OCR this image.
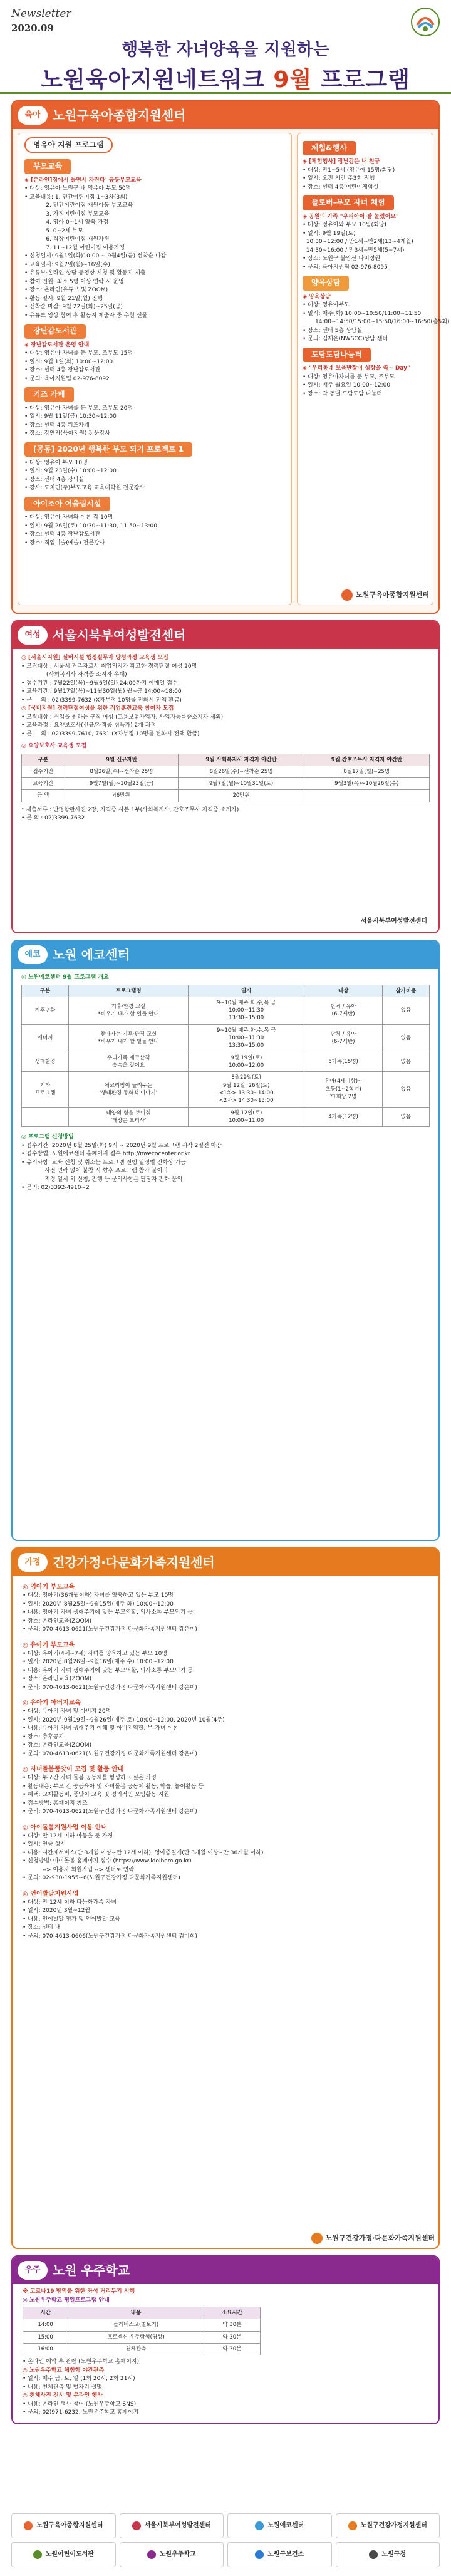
Newsletter
2020.09
행복한 자녀양육을 지원하는
노원육아지원네트워크 9월 프로그램
육아 노원구육아종합지원센터
영유아 지원 프로그램
부모교육
◈ [온라인]집에서 놀면서 자란다' 공동부모교육
• 대상: 영유아 노원구 내 영유아 부모 50명
• 교육내용: 1. 민간어린이집 1~3차(3회)
2. 민간어린이집 재원아동 부모교육
3. 가정어린이집 부모교육
4. 영아 0~1세 양육 가정
5. 0~2세 부모
6. 직장어린이집 재원가정
7. 11~12월 어린이집 이용가정
• 신청일시: 9월1일(화)10:00 ~ 9월4일(금) 선착순 마감
• 교육일시: 9월7일(월)~16일(수)
• 유튜브·온라인 상담 동영상 시청 및 활동지 제출
• 참여 인원: 최소 5명 이상 연락 시 운영
• 장소: 온라인(유튜브 및 ZOOM)
• 활동 일시: 9월 21일(월) 진행
• 선착순 마감: 9월 22일(화)~25일(금)
• 유튜브 영상 참여 후 활동지 제출자 중 추첨 선물
장난감도서관
◈ 장난감도서관 운영 안내
• 대상: 영유아 자녀를 둔 부모, 조부모 15명
• 일시: 9월 1일(화) 10:00~12:00
• 장소: 센터 4층 장난감도서관
• 문의: 육아지원팀 02-976-8092
키즈 카페
• 대상: 영유아 자녀를 둔 부모, 조부모 20명
• 일시: 9월 11일(금) 10:30~12:00
• 장소: 센터 4층 키즈카페
• 장소: 강연자(육아지원) 전문강사
[공동] 2020년 행복한 부모 되기 프로젝트 1
• 대상: 영유아 부모 10명
• 일시: 9월 23일(수) 10:00~12:00
• 장소: 센터 4층 강의실
• 강사: 도치민(주)부모교육 교육대학원 전문강사
아이조아 어울림시설
• 대상: 영유아 자녀와 어른 각 10명
• 일시: 9월 26일(토) 10:30~11:30, 11:50~13:00
• 장소: 센터 4층 장난감도서관
• 장소: 직업미술(예술) 전문강사
체험&행사
◈ [체험행사] 장난감은 내 친구
• 대상: 만1~5세 (영유아 15명/회당)
• 일시: 오전 시간 주3회 진행
• 장소: 센터 4층 어린이체험실
플로버-부모 자녀 체험
◈ 공원의 가족 "우리아이 잘 놀렸어요"
• 대상: 영유아와 부모 10팀(회당)
• 일시: 9월 19일(토)
10:30~12:00 / 만1세~만2세(13~4개월)
14:30~16:00 / 만3세~만5세(5~7세)
• 장소: 노원구 불암산 나비정원
• 문의: 육아지원팀 02-976-8095
양육상담
◈ 양육상담
• 대상: 영유아부모
• 일시: 매주(화) 10:00~10:50/11:00~11:50
14:00~14:50/15:00~15:50/16:00~16:50(총5회)
• 장소: 센터 5층 상담실
• 문의: 김재은(NWSCC)상담 센터
도담도담나눔터
◈ "우리동네 보육반장이 성장을 쭉~ Day"
• 대상: 영유아자녀를 둔 부모, 조부모
• 일시: 매주 월요일 10:00~12:00
• 장소: 각 동별 도담도담 나눔터
노원구육아종합지원센터
여성 서울시북부여성발전센터
◎ [서울시지원] 실버시설 행정실무자 양성과정 교육생 모집
• 모집대상 : 서울시 거주자로서 취업의지가 확고한 경력단절 여성 20명
(사회복지사 자격증 소지자 우대)
• 접수기간 : 7월22일(목)~9월6일(일) 24:00까지 이메일 접수
• 교육기간 : 9월17일(목)~11월30일(월) 월~금 14:00~18:00
• 문     의 : 02)3399-7632 (X자부정 10명를 전화시 전액 환급)
◎ [국비지원] 경력단절여성을 위한 직업훈련교육 참여자 모집
• 모집대상 : 취업을 원하는 구직 여성 (고용보험가입자, 사업자등록증소지자 제외)
• 교육과정 : 요양보호사(신규/자격증 취득자) 2개 과정
• 문     의 : 02)3399-7610, 7631 (X자부정 10명를 전화시 전액 환급)
◎ 요양보호사 교육생 모집
구분	9월 신규자반	9월 사회복지사 자격자 야간반	9월 간호조무사 자격자 야간반
접수기간	8월26일(수)~선착순 25명	8월26일(수)~선착순 25명	8월17일(월)~25명
교육기간	9월7일(월)~10월23일(금)	9월7일(월)~10월31일(토)	9월3일(목)~10월26일(수)
금 액	46만원	20만원	
* 제출서류 : 반명함판사진 2장, 자격증 사본 1부(사회복지사, 간호조무사 자격증 소지자)
• 문 의 : 02)3399-7632
서울시북부여성발전센터
에코 노원 에코센터
◎ 노원에코센터 9월 프로그램 개요
구분	프로그램명	일시	대상	참가비용
기후변화	기후·환경 교실
*비우기 내가 할 일들 안내	9~10월 매주 화,수,목 금
10:00~11:30
13:30~15:00	단체 / 유아
(6-7세반)	없음
에너지	찾아가는 기후·환경 교실
*비우기 내가 할 일들 안내	9~10월 매주 화,수,목 금
10:00~11:30
13:30~15:00	단체 / 유아
(6-7세반)	없음
생태환경	우리가족 에코산책
숲속을 걸어요	9월 19일(토)
10:00~12:00	5가족(15명)	없음
기타
프로그램	에코리빙이 들려주는
'생태환경 동화책 이야기'	8월29일(토)
9월 12일, 26일(토)
<1차> 13:30~14:00
<2차> 14:30~15:00	유아(4세이상)~
초등(1~2학년)
*1회당 2명	없음
	태양의 힘을 보여줘
'태양은 요리사'	9월 12일(토)
10:00~11:00	4가족(12명)	없음
◎ 프로그램 신청방법
• 접수기간: 2020년 8월 25일(화) 9시 ~ 2020년 9월 프로그램 시작 2일전 마감
• 접수방법: 노원에코센터 홈페이지 접수 http://nwecocenter.or.kr
• 유의사항: 교육 신청 및 취소는 프로그램 진행 일정별 전화상 가능
사전 연락 없이 불참 시 향후 프로그램 참가 불이익
지정 일시 외 신청, 진행 등 문의사항은 담당자 전화 문의
• 문의: 02)3392-4910~2
가정 건강가정·다문화가족지원센터
◎ 영아기 부모교육
• 대상: 영아기(36개월이하) 자녀를 양육하고 있는 부모 10명
• 일시: 2020년 8월25일~9월15일(매주 화) 10:00~12:00
• 내용: 영아기 자녀 생애주기에 맞는 부모역할, 의사소통 부모되기 등
• 장소: 온라인교육(ZOOM)
• 문의: 070-4613-0621(노원구건강가정·다문화가족지원센터 강은미)
◎ 유아기 부모교육
• 대상: 유아기(4세~7세) 자녀를 양육하고 있는 부모 10명
• 일시: 2020년 8월26일~9월16일(매주 수) 10:00~12:00
• 내용: 유아기 자녀 생애주기에 맞는 부모역할, 의사소통 부모되기 등
• 장소: 온라인교육(ZOOM)
• 문의: 070-4613-0621(노원구건강가정·다문화가족지원센터 강은미)
◎ 유아기 아버지교육
• 대상: 유아기 자녀 및 아버지 20명
• 일시: 2020년 9월19일~9월26일(매주 토) 10:00~12:00, 2020년 10월(4주)
• 내용: 유아기 자녀 생애주기 이해 및 아버지역할, 부-자녀 이론
• 장소: 추후공지
• 장소: 온라인교육(ZOOM)
• 문의: 070-4613-0621(노원구건강가정·다문화가족지원센터 강은미)
◎ 자녀돌봄품앗이 모집 및 활동 안내
• 대상: 부모간 자녀 돌봄 공동체를 형성하고 싶은 가정
• 활동내용: 부모 간 공동육아 및 자녀돌봄 공동체 활동, 학습, 놀이활동 등
• 혜택: 교재활동비, 품앗이 교육 및 정기적인 모임활동 지원
• 접수방법: 홈페이지 참조
• 문의: 070-4613-0621(노원구건강가정·다문화가족지원센터 강은미)
◎ 아이돌봄지원사업 이용 안내
• 대상: 만 12세 이하 아동을 둔 가정
• 일시: 연중 상시
• 내용: 시간제서비스(만 3개월 이상~만 12세 이하), 영아종일제(만 3개월 이상~만 36개월 이하)
• 신청방법: 아이돌봄 홈페이지 접수 (https://www.idolbom.go.kr)
--> 이용자 회원가입 --> 센터로 연락
• 문의: 02-930-1955~6(노원구건강가정·다문화가족지원센터)
◎ 언어발달지원사업
• 대상: 만 12세 이하 다문화가족 자녀
• 일시: 2020년 3월~12월
• 내용: 언어발달 평가 및 언어발달 교육
• 장소: 센터 내
• 문의: 070-4613-0606(노원구건강가정·다문화가족지원센터 김미희)
노원구건강가정·다문화가족지원센터
우주 노원 우주학교
※ 코로나19 방역을 위한 좌석 거리두기 시행
◎ 노원우주학교 평일프로그램 안내
시간	내용	소요시간
14:00	플라네스고(별보기)	약 30분
15:00	프로젝션 우주탐험(영상)	약 30분
16:00	천체관측	약 30분
• 온라인 예약 후 관람 (노원우주학교 홈페이지)
◎ 노원우주학교 체험학 야간관측
• 일시: 매주 금, 토, 일 (1회 20시, 2회 21시)
• 내용: 천체관측 및 별자리 설명
◎ 천체사진 전시 및 온라인 행사
• 내용: 온라인 행사 참여 (노원우주학교 SNS)
• 문의: 02)971-6232, 노원우주학교 홈페이지
노원구육아종합지원센터	서울시북부여성발전센터	노원에코센터	노원구건강가정지원센터
노원어린이도서관	노원우주학교	노원구보건소	노원구청
